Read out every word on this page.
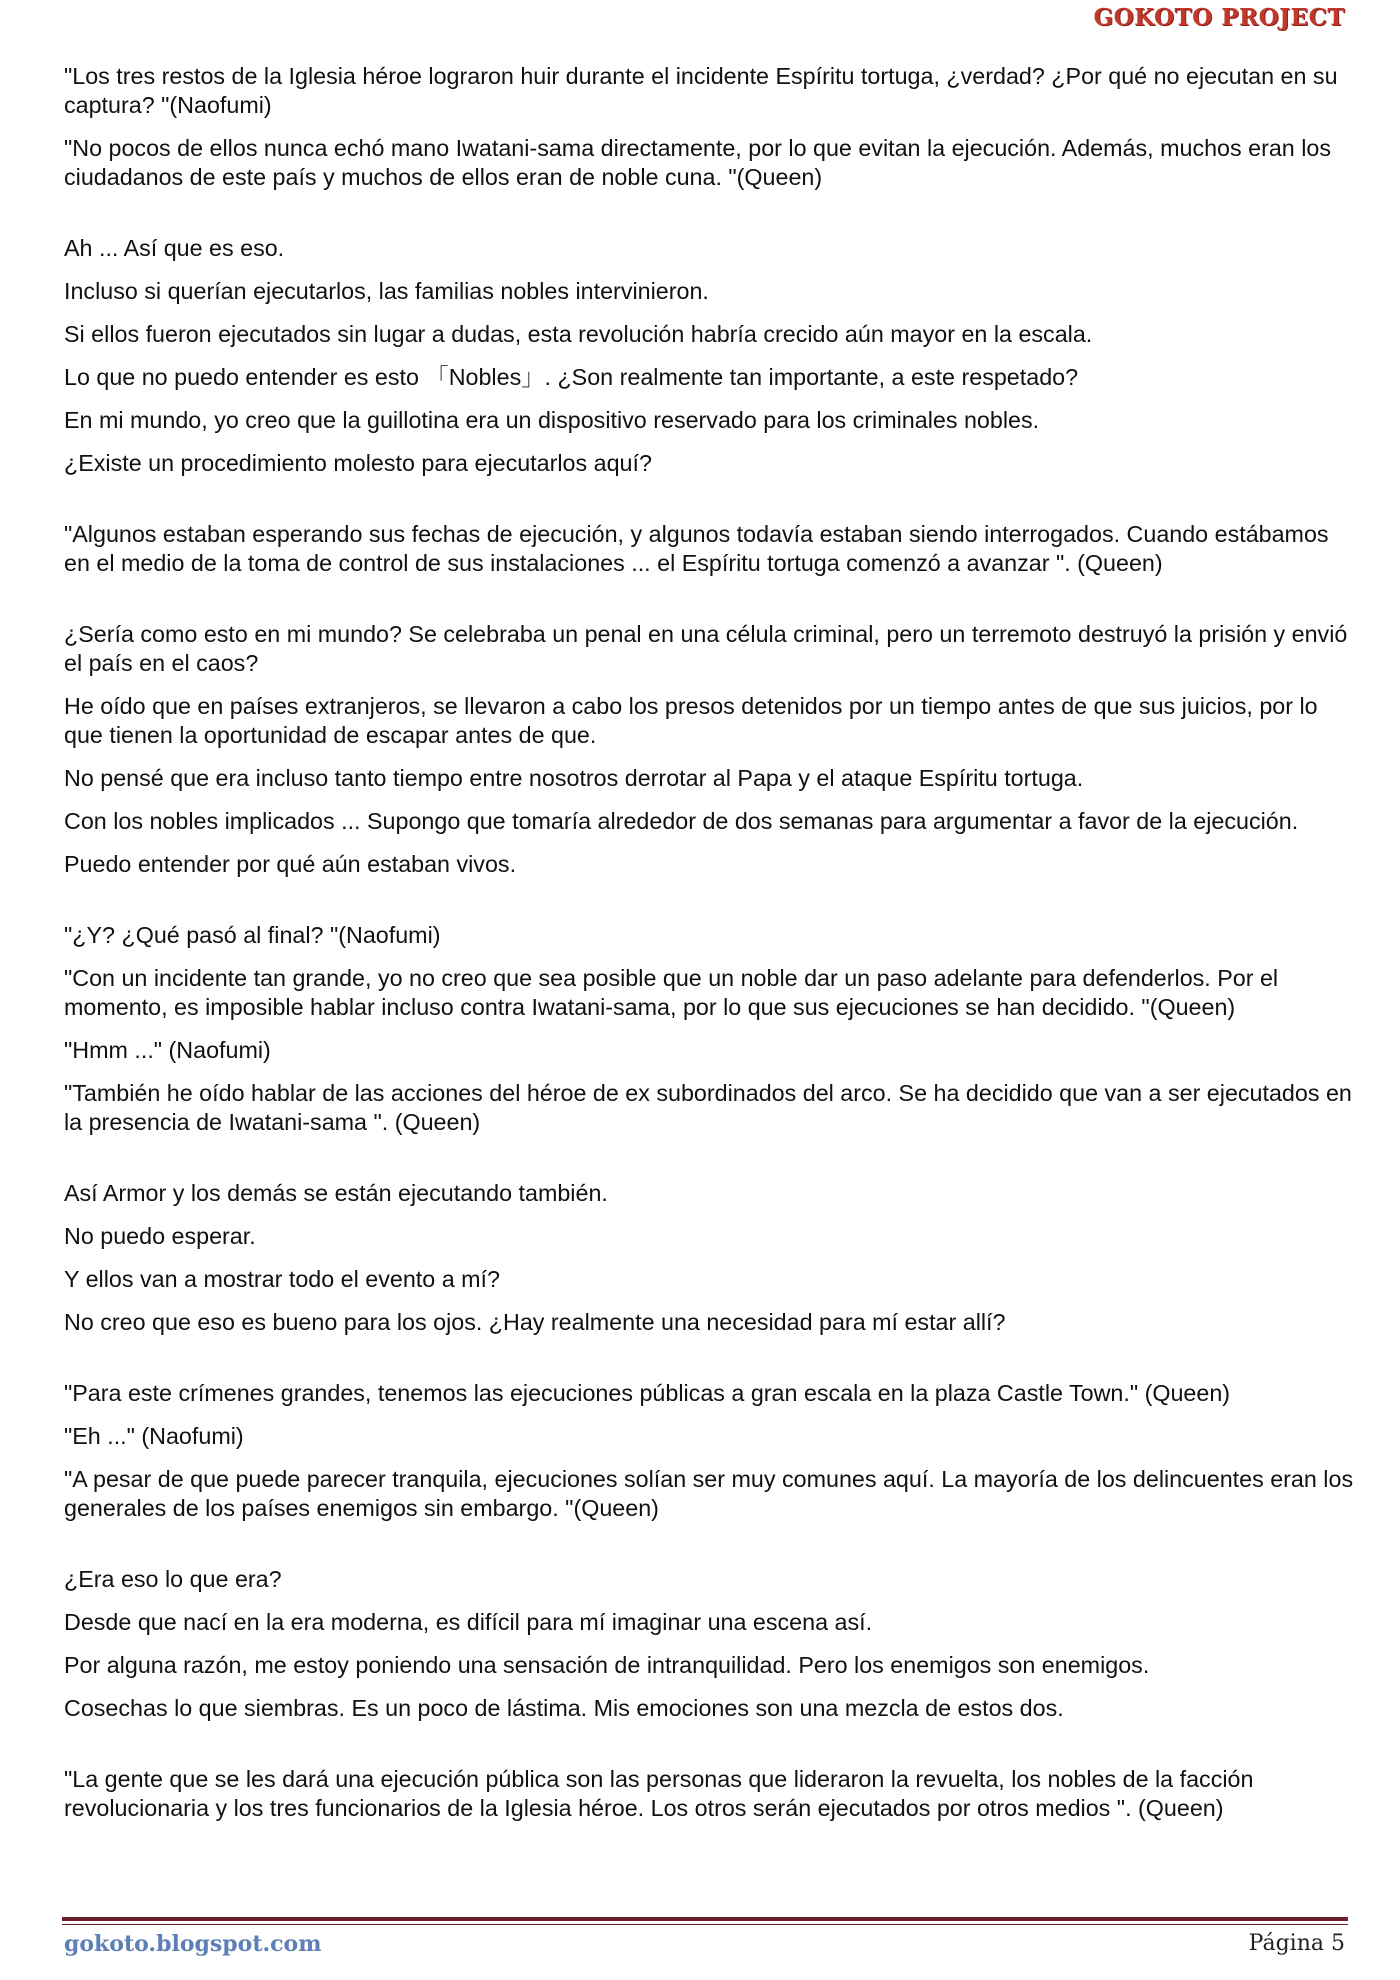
GOKOTO PROJECT

"Los tres restos de la Iglesia héroe lograron huir durante el incidente Espíritu tortuga, ¿verdad? ¿Por qué no ejecutan en su captura? "(Naofumi)

"No pocos de ellos nunca echó mano Iwatani-sama directamente, por lo que evitan la ejecución. Además, muchos eran los ciudadanos de este país y muchos de ellos eran de noble cuna. "(Queen)

Ah ... Así que es eso.

Incluso si querían ejecutarlos, las familias nobles intervinieron.

Si ellos fueron ejecutados sin lugar a dudas, esta revolución habría crecido aún mayor en la escala.

Lo que no puedo entender es esto 「Nobles」. ¿Son realmente tan importante, a este respetado?

En mi mundo, yo creo que la guillotina era un dispositivo reservado para los criminales nobles.

¿Existe un procedimiento molesto para ejecutarlos aquí?

"Algunos estaban esperando sus fechas de ejecución, y algunos todavía estaban siendo interrogados. Cuando estábamos en el medio de la toma de control de sus instalaciones ... el Espíritu tortuga comenzó a avanzar ". (Queen)

¿Sería como esto en mi mundo? Se celebraba un penal en una célula criminal, pero un terremoto destruyó la prisión y envió el país en el caos?

He oído que en países extranjeros, se llevaron a cabo los presos detenidos por un tiempo antes de que sus juicios, por lo que tienen la oportunidad de escapar antes de que.

No pensé que era incluso tanto tiempo entre nosotros derrotar al Papa y el ataque Espíritu tortuga.

Con los nobles implicados ... Supongo que tomaría alrededor de dos semanas para argumentar a favor de la ejecución.

Puedo entender por qué aún estaban vivos.

"¿Y? ¿Qué pasó al final? "(Naofumi)

"Con un incidente tan grande, yo no creo que sea posible que un noble dar un paso adelante para defenderlos. Por el momento, es imposible hablar incluso contra Iwatani-sama, por lo que sus ejecuciones se han decidido. "(Queen)

"Hmm ..." (Naofumi)

"También he oído hablar de las acciones del héroe de ex subordinados del arco. Se ha decidido que van a ser ejecutados en la presencia de Iwatani-sama ". (Queen)

Así Armor y los demás se están ejecutando también.

No puedo esperar.

Y ellos van a mostrar todo el evento a mí?

No creo que eso es bueno para los ojos. ¿Hay realmente una necesidad para mí estar allí?

"Para este crímenes grandes, tenemos las ejecuciones públicas a gran escala en la plaza Castle Town." (Queen)

"Eh ..." (Naofumi)

"A pesar de que puede parecer tranquila, ejecuciones solían ser muy comunes aquí. La mayoría de los delincuentes eran los generales de los países enemigos sin embargo. "(Queen)

¿Era eso lo que era?

Desde que nací en la era moderna, es difícil para mí imaginar una escena así.

Por alguna razón, me estoy poniendo una sensación de intranquilidad. Pero los enemigos son enemigos.

Cosechas lo que siembras. Es un poco de lástima. Mis emociones son una mezcla de estos dos.

"La gente que se les dará una ejecución pública son las personas que lideraron la revuelta, los nobles de la facción revolucionaria y los tres funcionarios de la Iglesia héroe. Los otros serán ejecutados por otros medios ". (Queen)

gokoto.blogspot.com	Página 5
